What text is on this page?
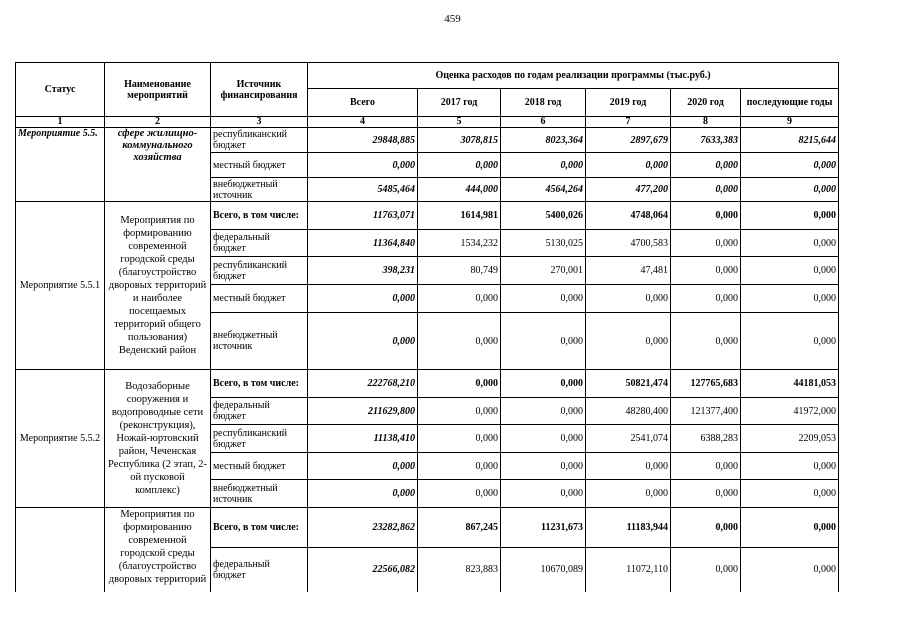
459
Статус	Наименование мероприятий	Источник финансирования	Оценка расходов по годам реализации программы (тыс.руб.)					
			Всего	2017 год	2018 год	2019 год	2020 год	последующие годы
1	2	3	4	5	6	7	8	9
Мероприятие 5.5.	сфере жилищно-коммунального хозяйства	республиканский бюджет	29848,885	3078,815	8023,364	2897,679	7633,383	8215,644
		местный бюджет	0,000	0,000	0,000	0,000	0,000	0,000
		внебюджетный источник	5485,464	444,000	4564,264	477,200	0,000	0,000
Мероприятие 5.5.1	Мероприятия по формированию современной городской среды (благоустройство дворовых территорий и наиболее посещаемых территорий общего пользования) Веденский район	Всего, в том числе:	11763,071	1614,981	5400,026	4748,064	0,000	0,000
		федеральный бюджет	11364,840	1534,232	5130,025	4700,583	0,000	0,000
		республиканский бюджет	398,231	80,749	270,001	47,481	0,000	0,000
		местный бюджет	0,000	0,000	0,000	0,000	0,000	0,000
		внебюджетный источник	0,000	0,000	0,000	0,000	0,000	0,000
Мероприятие 5.5.2	Водозаборные сооружения и водопроводные сети (реконструкция), Ножай-юртовский район, Чеченская Республика (2 этап, 2-ой пусковой комплекс)	Всего, в том числе:	222768,210	0,000	0,000	50821,474	127765,683	44181,053
		федеральный бюджет	211629,800	0,000	0,000	48280,400	121377,400	41972,000
		республиканский бюджет	11138,410	0,000	0,000	2541,074	6388,283	2209,053
		местный бюджет	0,000	0,000	0,000	0,000	0,000	0,000
		внебюджетный источник	0,000	0,000	0,000	0,000	0,000	0,000
	Мероприятия по формированию современной городской среды (благоустройство дворовых территорий	Всего, в том числе:	23282,862	867,245	11231,673	11183,944	0,000	0,000
		федеральный бюджет	22566,082	823,883	10670,089	11072,110	0,000	0,000
